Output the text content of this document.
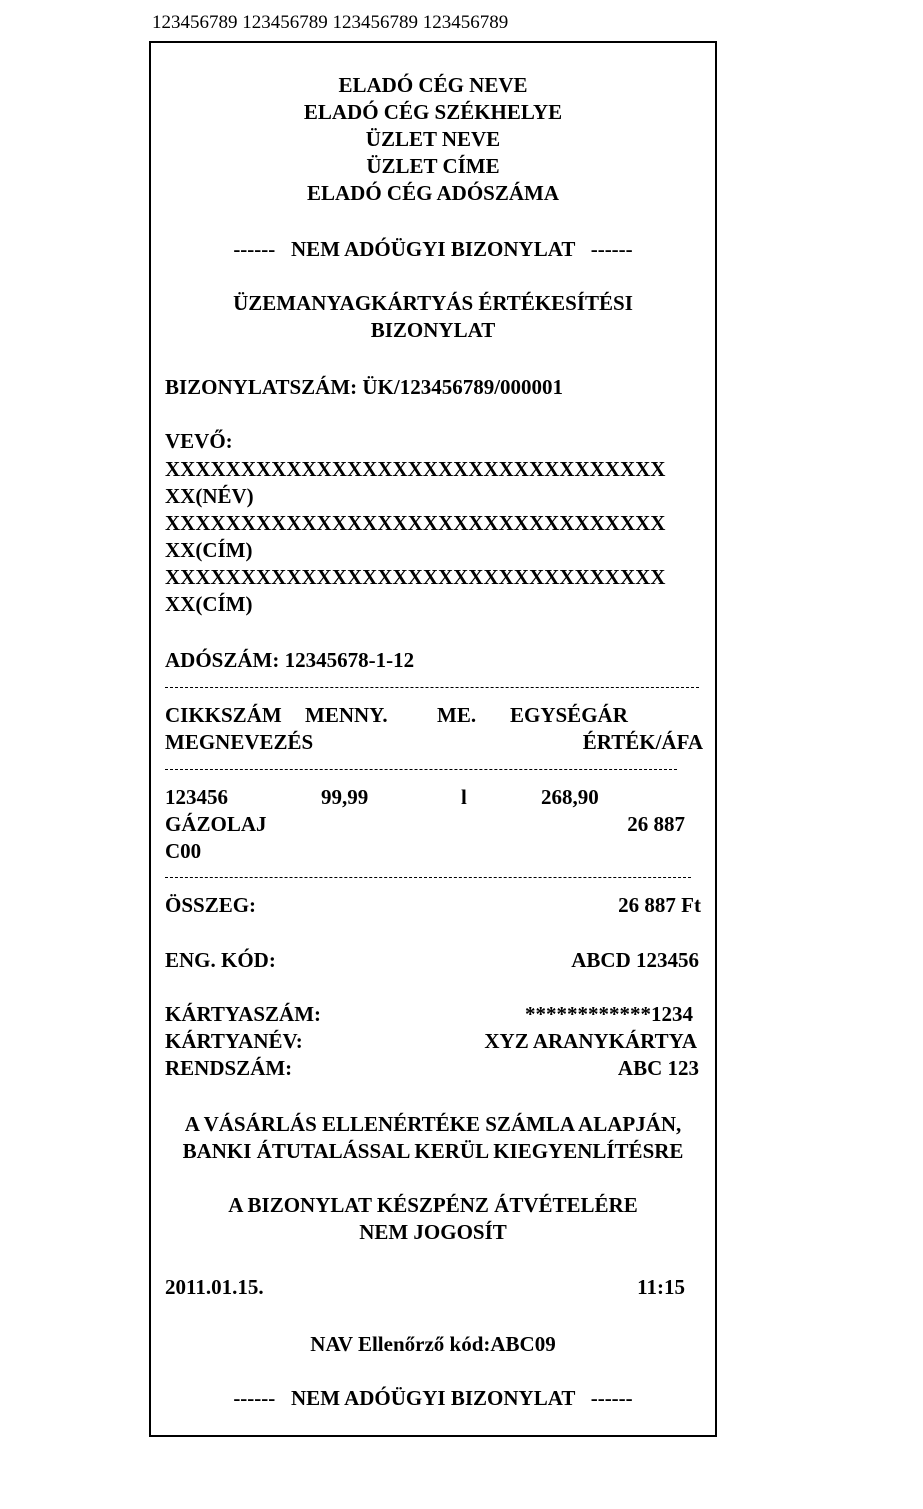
123456789 123456789 123456789 123456789
ELADÓ CÉG NEVE
ELADÓ CÉG SZÉKHELYE
ÜZLET NEVE
ÜZLET CÍME
ELADÓ CÉG ADÓSZÁMA
------   NEM ADÓÜGYI BIZONYLAT   ------
ÜZEMANYAGKÁRTYÁS ÉRTÉKESÍTÉSI
BIZONYLAT
BIZONYLATSZÁM: ÜK/123456789/000001
VEVŐ:
XXXXXXXXXXXXXXXXXXXXXXXXXXXXXXXXX
XX(NÉV)
XXXXXXXXXXXXXXXXXXXXXXXXXXXXXXXXX
XX(CÍM)
XXXXXXXXXXXXXXXXXXXXXXXXXXXXXXXXX
XX(CÍM)
ADÓSZÁM: 12345678-1-12
CIKKSZÁM MENNY. ME. EGYSÉGÁR
MEGNEVEZÉS	ÉRTÉK/ÁFA
123456	99,99	l	268,90
GÁZOLAJ	26 887
C00
ÖSSZEG:	26 887 Ft
ENG. KÓD:	ABCD 123456
KÁRTYASZÁM:	************1234
KÁRTYANÉV:	XYZ ARANYKÁRTYA
RENDSZÁM:	ABC 123
A VÁSÁRLÁS ELLENÉRTÉKE SZÁMLA ALAPJÁN,
BANKI ÁTUTALÁSSAL KERÜL KIEGYENLÍTÉSRE
A BIZONYLAT KÉSZPÉNZ ÁTVÉTELÉRE
NEM JOGOSÍT
2011.01.15.	11:15
NAV Ellenőrző kód:ABC09
------   NEM ADÓÜGYI BIZONYLAT   ------
